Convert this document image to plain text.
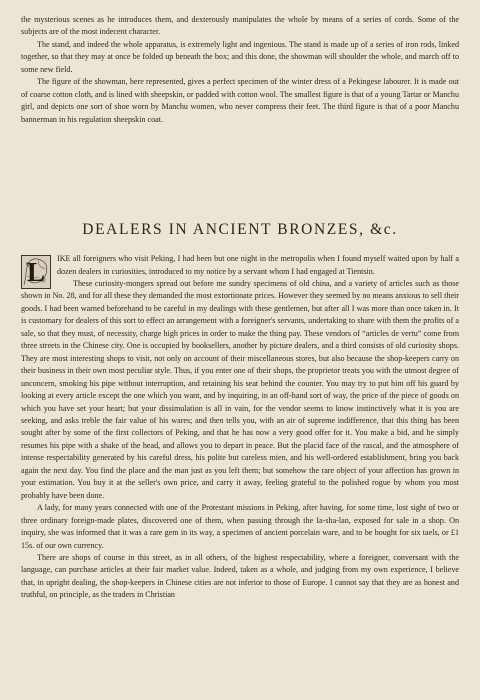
the mysterious scenes as he introduces them, and dexterously manipulates the whole by means of a series of cords. Some of the subjects are of the most indecent character.

The stand, and indeed the whole apparatus, is extremely light and ingenious. The stand is made up of a series of iron rods, linked together, so that they may at once be folded up beneath the box; and this done, the showman will shoulder the whole, and march off to some new field.

The figure of the showman, here represented, gives a perfect specimen of the winter dress of a Pekingese labourer. It is made out of coarse cotton cloth, and is lined with sheepskin, or padded with cotton wool. The smallest figure is that of a young Tartar or Manchu girl, and depicts one sort of shoe worn by Manchu women, who never compress their feet. The third figure is that of a poor Manchu bannerman in his regulation sheepskin coat.

DEALERS IN ANCIENT BRONZES, &c.

L IKE all foreigners who visit Peking, I had been but one night in the metropolis when I found myself waited upon by half a dozen dealers in curiosities, introduced to my notice by a servant whom I had engaged at Tientsin.

These curiosity-mongers spread out before me sundry specimens of old china, and a variety of articles such as those shown in No. 28, and for all these they demanded the most extortionate prices. However they seemed by no means anxious to sell their goods. I had been warned beforehand to be careful in my dealings with these gentlemen, but after all I was more than once taken in. It is customary for dealers of this sort to effect an arrangement with a foreigner's servants, undertaking to share with them the profits of a sale, so that they must, of necessity, charge high prices in order to make the thing pay. These vendors of “articles de vertu” come from three streets in the Chinese city. One is occupied by booksellers, another by picture dealers, and a third consists of old curiosity shops. They are most interesting shops to visit, not only on account of their miscellaneous stores, but also because the shop-keepers carry on their business in their own most peculiar style. Thus, if you enter one of their shops, the proprietor treats you with the utmost degree of unconcern, smoking his pipe without interruption, and retaining his seat behind the counter. You may try to put him off his guard by looking at every article except the one which you want, and by inquiring, in an off-hand sort of way, the price of the piece of goods on which you have set your heart; but your dissimulation is all in vain, for the vendor seems to know instinctively what it is you are seeking, and asks treble the fair value of his wares; and then tells you, with an air of supreme indifference, that this thing has been sought after by some of the first collectors of Peking, and that he has now a very good offer for it. You make a bid, and he simply resumes his pipe with a shake of the head, and allows you to depart in peace. But the placid face of the rascal, and the atmosphere of intense respectability generated by his careful dress, his polite but careless mien, and his well-ordered establishment, bring you back again the next day. You find the place and the man just as you left them; but somehow the rare object of your affection has grown in your estimation. You buy it at the seller's own price, and carry it away, feeling grateful to the polished rogue by whom you most probably have been done.

A lady, for many years connected with one of the Protestant missions in Peking, after having, for some time, lost sight of two or three ordinary foreign-made plates, discovered one of them, when passing through the Ia-sha-lan, exposed for sale in a shop. On inquiry, she was informed that it was a rare gem in its way, a specimen of ancient porcelain ware, and to be bought for six taels, or £1 15s. of our own currency.

There are shops of course in this street, as in all others, of the highest respectability, where a foreigner, conversant with the language, can purchase articles at their fair market value. Indeed, taken as a whole, and judging from my own experience, I believe that, in upright dealing, the shop-keepers in Chinese cities are not inferior to those of Europe. I cannot say that they are as honest and truthful, on principle, as the traders in Christian
